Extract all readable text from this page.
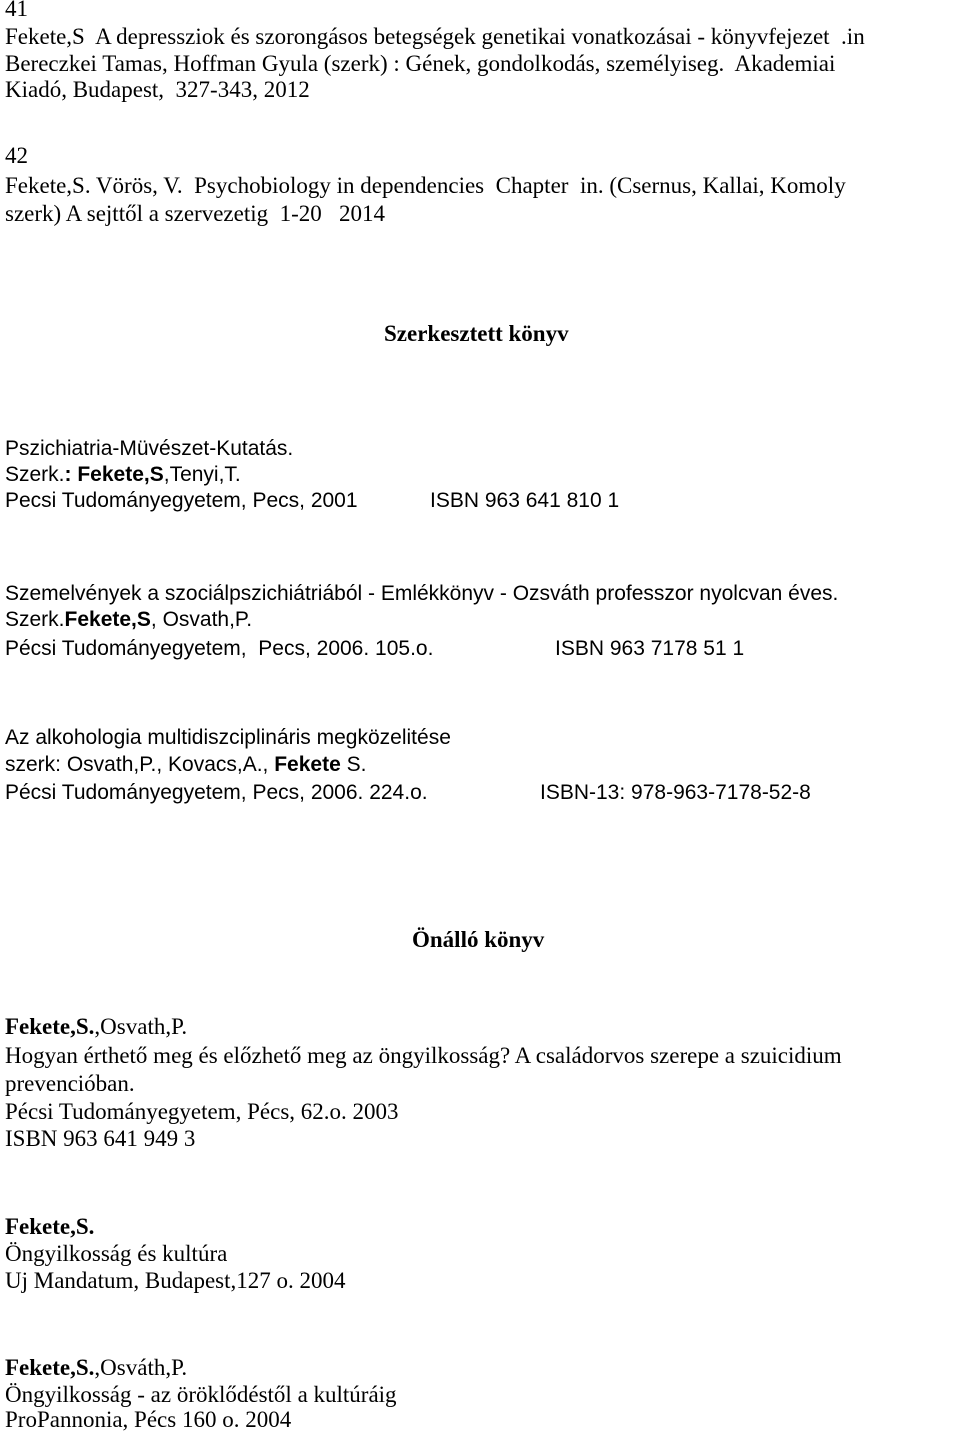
41
Fekete,S  A depressziok és szorongásos betegségek genetikai vonatkozásai - könyvfejezet  .in
Bereczkei Tamas, Hoffman Gyula (szerk) : Gének, gondolkodás, személyiseg.  Akademiai
Kiadó, Budapest,  327-343, 2012
42
Fekete,S. Vörös, V.  Psychobiology in dependencies  Chapter  in. (Csernus, Kallai, Komoly
szerk) A sejttől a szervezetig  1-20   2014
Szerkesztett könyv
Pszichiatria-Müvészet-Kutatás.
Szerk.: Fekete,S,Tenyi,T.
Pecsi Tudományegyetem, Pecs, 2001	ISBN 963 641 810 1
Szemelvények a szociálpszichiátriából - Emlékkönyv - Ozsváth professzor nyolcvan éves.
Szerk.Fekete,S, Osvath,P.
Pécsi Tudományegyetem,  Pecs, 2006. 105.o.	ISBN 963 7178 51 1
Az alkohologia multidiszciplináris megközelitése
szerk: Osvath,P., Kovacs,A., Fekete S.
Pécsi Tudományegyetem, Pecs, 2006. 224.o.	ISBN-13: 978-963-7178-52-8
Önálló könyv
Fekete,S.,Osvath,P.
Hogyan érthető meg és előzhető meg az öngyilkosság? A családorvos szerepe a szuicidium
prevencióban.
Pécsi Tudományegyetem, Pécs, 62.o. 2003
ISBN 963 641 949 3
Fekete,S.
Öngyilkosság és kultúra
Uj Mandatum, Budapest,127 o. 2004
Fekete,S.,Osváth,P.
Öngyilkosság - az öröklődéstől a kultúráig
ProPannonia, Pécs 160 o. 2004
